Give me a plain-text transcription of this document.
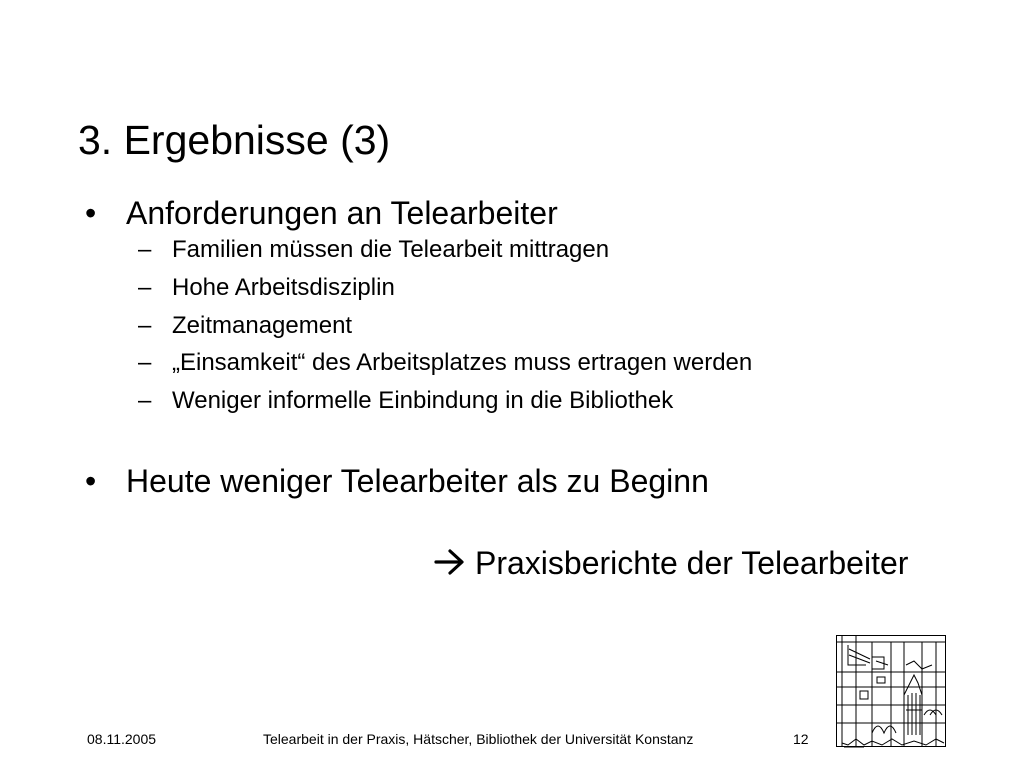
3. Ergebnisse (3)
• Anforderungen an Telearbeiter
– Familien müssen die Telearbeit mittragen
– Hohe Arbeitsdisziplin
– Zeitmanagement
– „Einsamkeit“ des Arbeitsplatzes muss ertragen werden
– Weniger informelle Einbindung in die Bibliothek
• Heute weniger Telearbeiter als zu Beginn
Praxisberichte der Telearbeiter
08.11.2005	Telearbeit in der Praxis, Hätscher, Bibliothek der Universität Konstanz	12
